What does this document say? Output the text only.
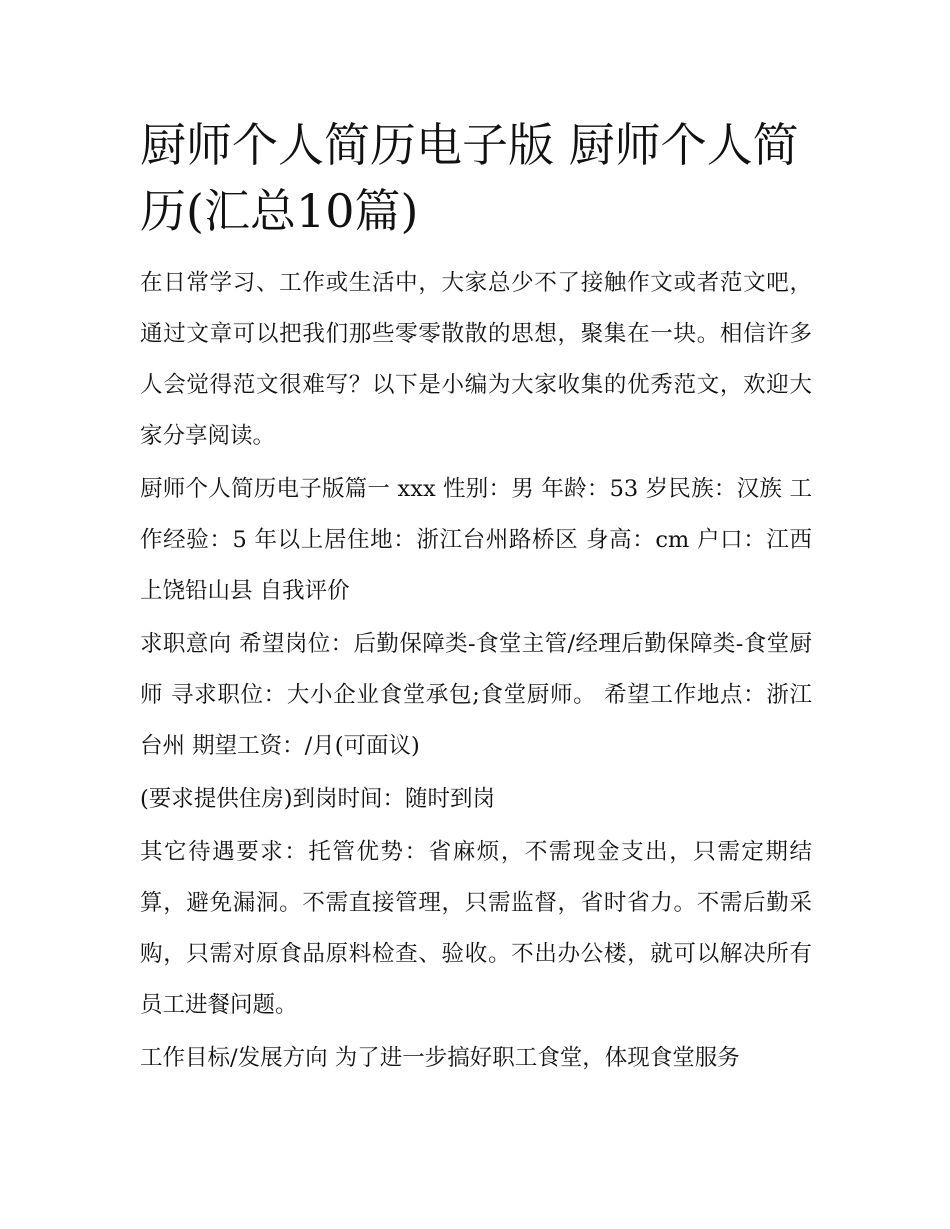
厨师个人简历电子版 厨师个人简历(汇总10篇)

在日常学习、工作或生活中，大家总少不了接触作文或者范文吧，通过文章可以把我们那些零零散散的思想，聚集在一块。相信许多人会觉得范文很难写？以下是小编为大家收集的优秀范文，欢迎大家分享阅读。

厨师个人简历电子版篇一 xxx 性别：男 年龄：53 岁民族：汉族 工作经验：5 年以上居住地：浙江台州路桥区 身高：cm 户口：江西上饶铅山县 自我评价

求职意向 希望岗位：后勤保障类-食堂主管/经理后勤保障类-食堂厨师 寻求职位：大小企业食堂承包;食堂厨师。 希望工作地点：浙江台州 期望工资：/月(可面议)

(要求提供住房)到岗时间：随时到岗

其它待遇要求：托管优势：省麻烦，不需现金支出，只需定期结算，避免漏洞。不需直接管理，只需监督，省时省力。不需后勤采购，只需对原食品原料检查、验收。不出办公楼，就可以解决所有员工进餐问题。

工作目标/发展方向 为了进一步搞好职工食堂，体现食堂服务
